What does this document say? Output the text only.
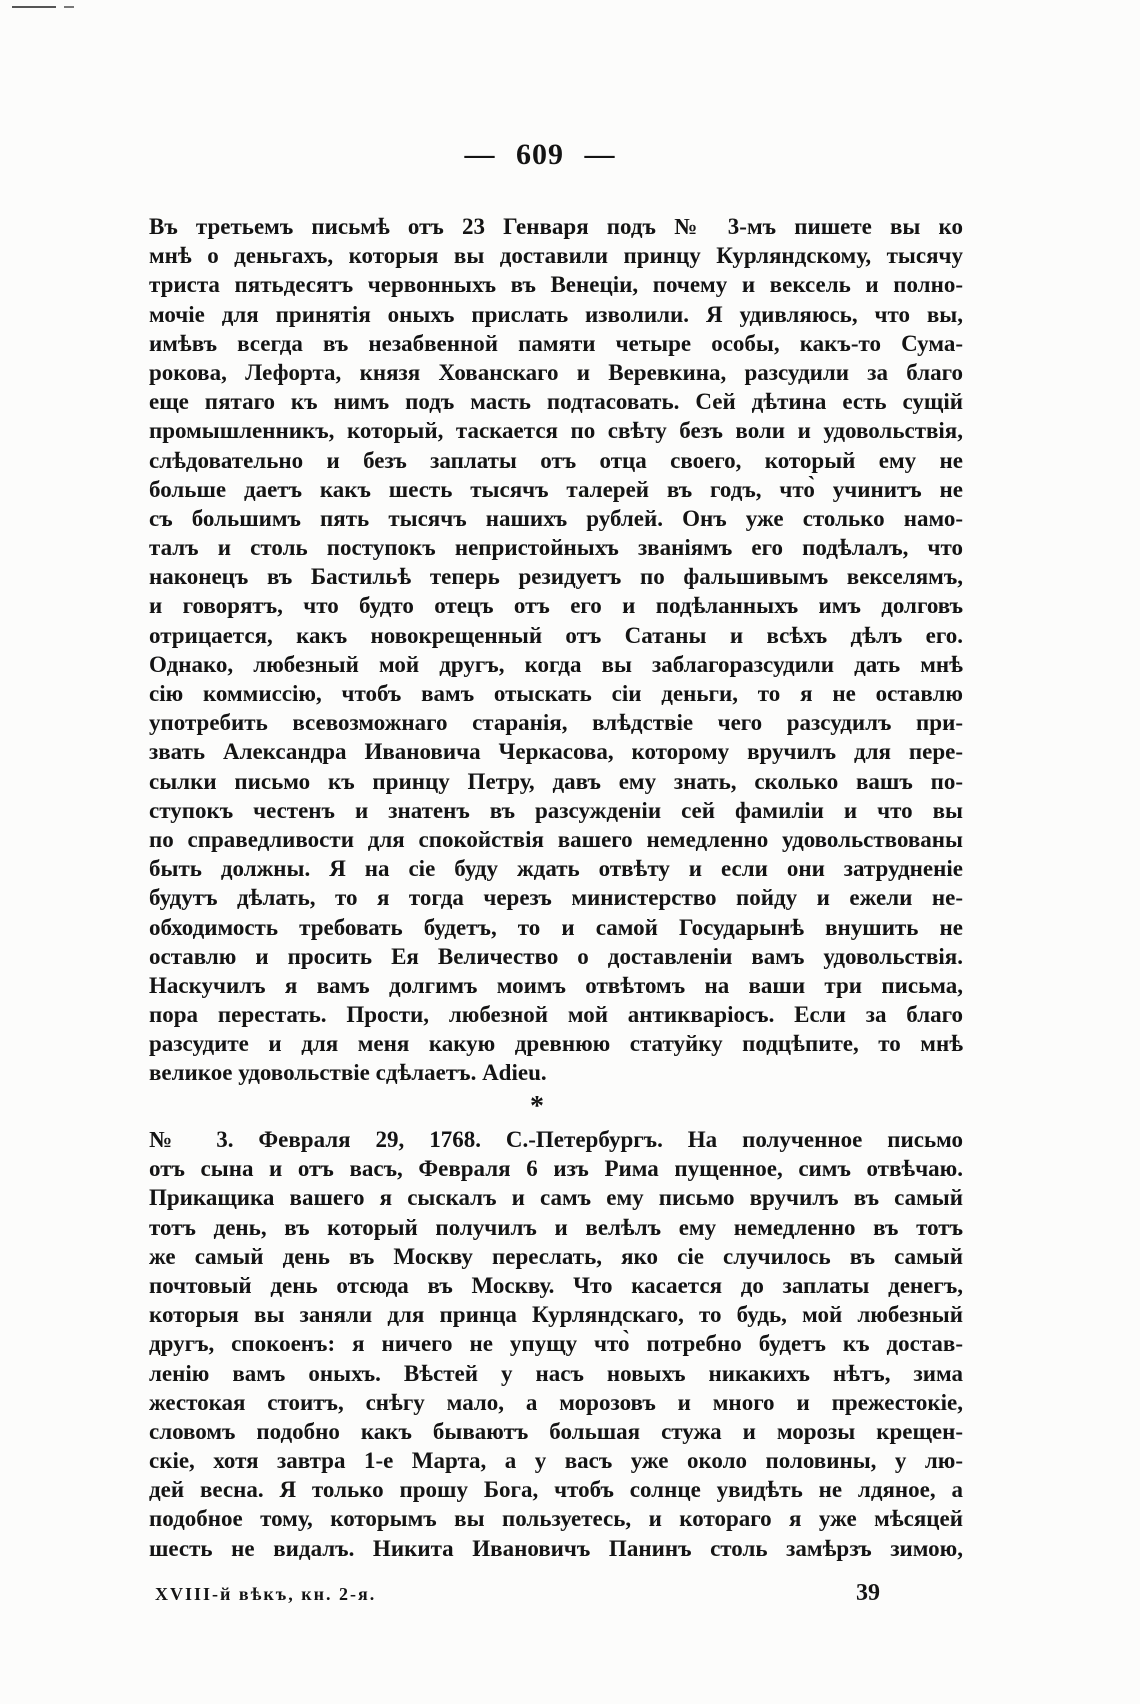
— 609 —
Въ третьемъ письмѣ отъ 23 Генваря подъ № 3-мъ пишете вы ко
мнѣ о деньгахъ, которыя вы доставили принцу Курляндскому, тысячу
триста пятьдесятъ червонныхъ въ Венеціи, почему и вексель и полно-
мочіе для принятія оныхъ прислать изволили. Я удивляюсь, что вы,
имѣвъ всегда въ незабвенной памяти четыре особы, какъ-то Сума-
рокова, Лефорта, князя Хованскаго и Веревкина, разсудили за благо
еще пятаго къ нимъ подъ масть подтасовать. Сей дѣтина есть сущій
промышленникъ, который, таскается по свѣту безъ воли и удовольствія,
слѣдовательно и безъ заплаты отъ отца своего, который ему не
больше даетъ какъ шесть тысячъ талерей въ годъ, что̀ учинитъ не
съ большимъ пять тысячъ нашихъ рублей. Онъ уже столько намо-
талъ и столь поступокъ непристойныхъ званіямъ его подѣлалъ, что
наконецъ въ Бастильѣ теперь резидуетъ по фальшивымъ векселямъ,
и говорятъ, что будто отецъ отъ его и подѣланныхъ имъ долговъ
отрицается, какъ новокрещенный отъ Сатаны и всѣхъ дѣлъ его.
Однако, любезный мой другъ, когда вы заблагоразсудили дать мнѣ
сію коммиссію, чтобъ вамъ отыскать сіи деньги, то я не оставлю
употребить всевозможнаго старанія, влѣдствіе чего разсудилъ при-
звать Александра Ивановича Черкасова, которому вручилъ для пере-
сылки письмо къ принцу Петру, давъ ему знать, сколько вашъ по-
ступокъ честенъ и знатенъ въ разсужденіи сей фамиліи и что вы
по справедливости для спокойствія вашего немедленно удовольствованы
быть должны. Я на сіе буду ждать отвѣту и если они затрудненіе
будутъ дѣлать, то я тогда черезъ министерство пойду и ежели не-
обходимость требовать будетъ, то и самой Государынѣ внушить не
оставлю и просить Ея Величество о доставленіи вамъ удовольствія.
Наскучилъ я вамъ долгимъ моимъ отвѣтомъ на ваши три письма,
пора перестать. Прости, любезной мой антикваріосъ. Если за благо
разсудите и для меня какую древнюю статуйку подцѣпите, то мнѣ
великое удовольствіе сдѣлаетъ. Adieu.
*
№ 3. Февраля 29, 1768. С.-Петербургъ. На полученное письмо
отъ сына и отъ васъ, Февраля 6 изъ Рима пущенное, симъ отвѣчаю.
Прикащика вашего я сыскалъ и самъ ему письмо вручилъ въ самый
тотъ день, въ который получилъ и велѣлъ ему немедленно въ тотъ
же самый день въ Москву переслать, яко сіе случилось въ самый
почтовый день отсюда въ Москву. Что касается до заплаты денегъ,
которыя вы заняли для принца Курляндскаго, то будь, мой любезный
другъ, спокоенъ: я ничего не упущу что̀ потребно будетъ къ достав-
ленію вамъ оныхъ. Вѣстей у насъ новыхъ никакихъ нѣтъ, зима
жестокая стоитъ, снѣгу мало, а морозовъ и много и прежестокіе,
словомъ подобно какъ бываютъ большая стужа и морозы крещен-
скіе, хотя завтра 1-е Марта, а у васъ уже около половины, у лю-
дей весна. Я только прошу Бога, чтобъ солнце увидѣть не лдяное, а
подобное тому, которымъ вы пользуетесь, и котораго я уже мѣсяцей
шесть не видалъ. Никита Ивановичъ Панинъ столь замѣрзъ зимою,
XVIII-й вѣкъ, кн. 2-я.	39
